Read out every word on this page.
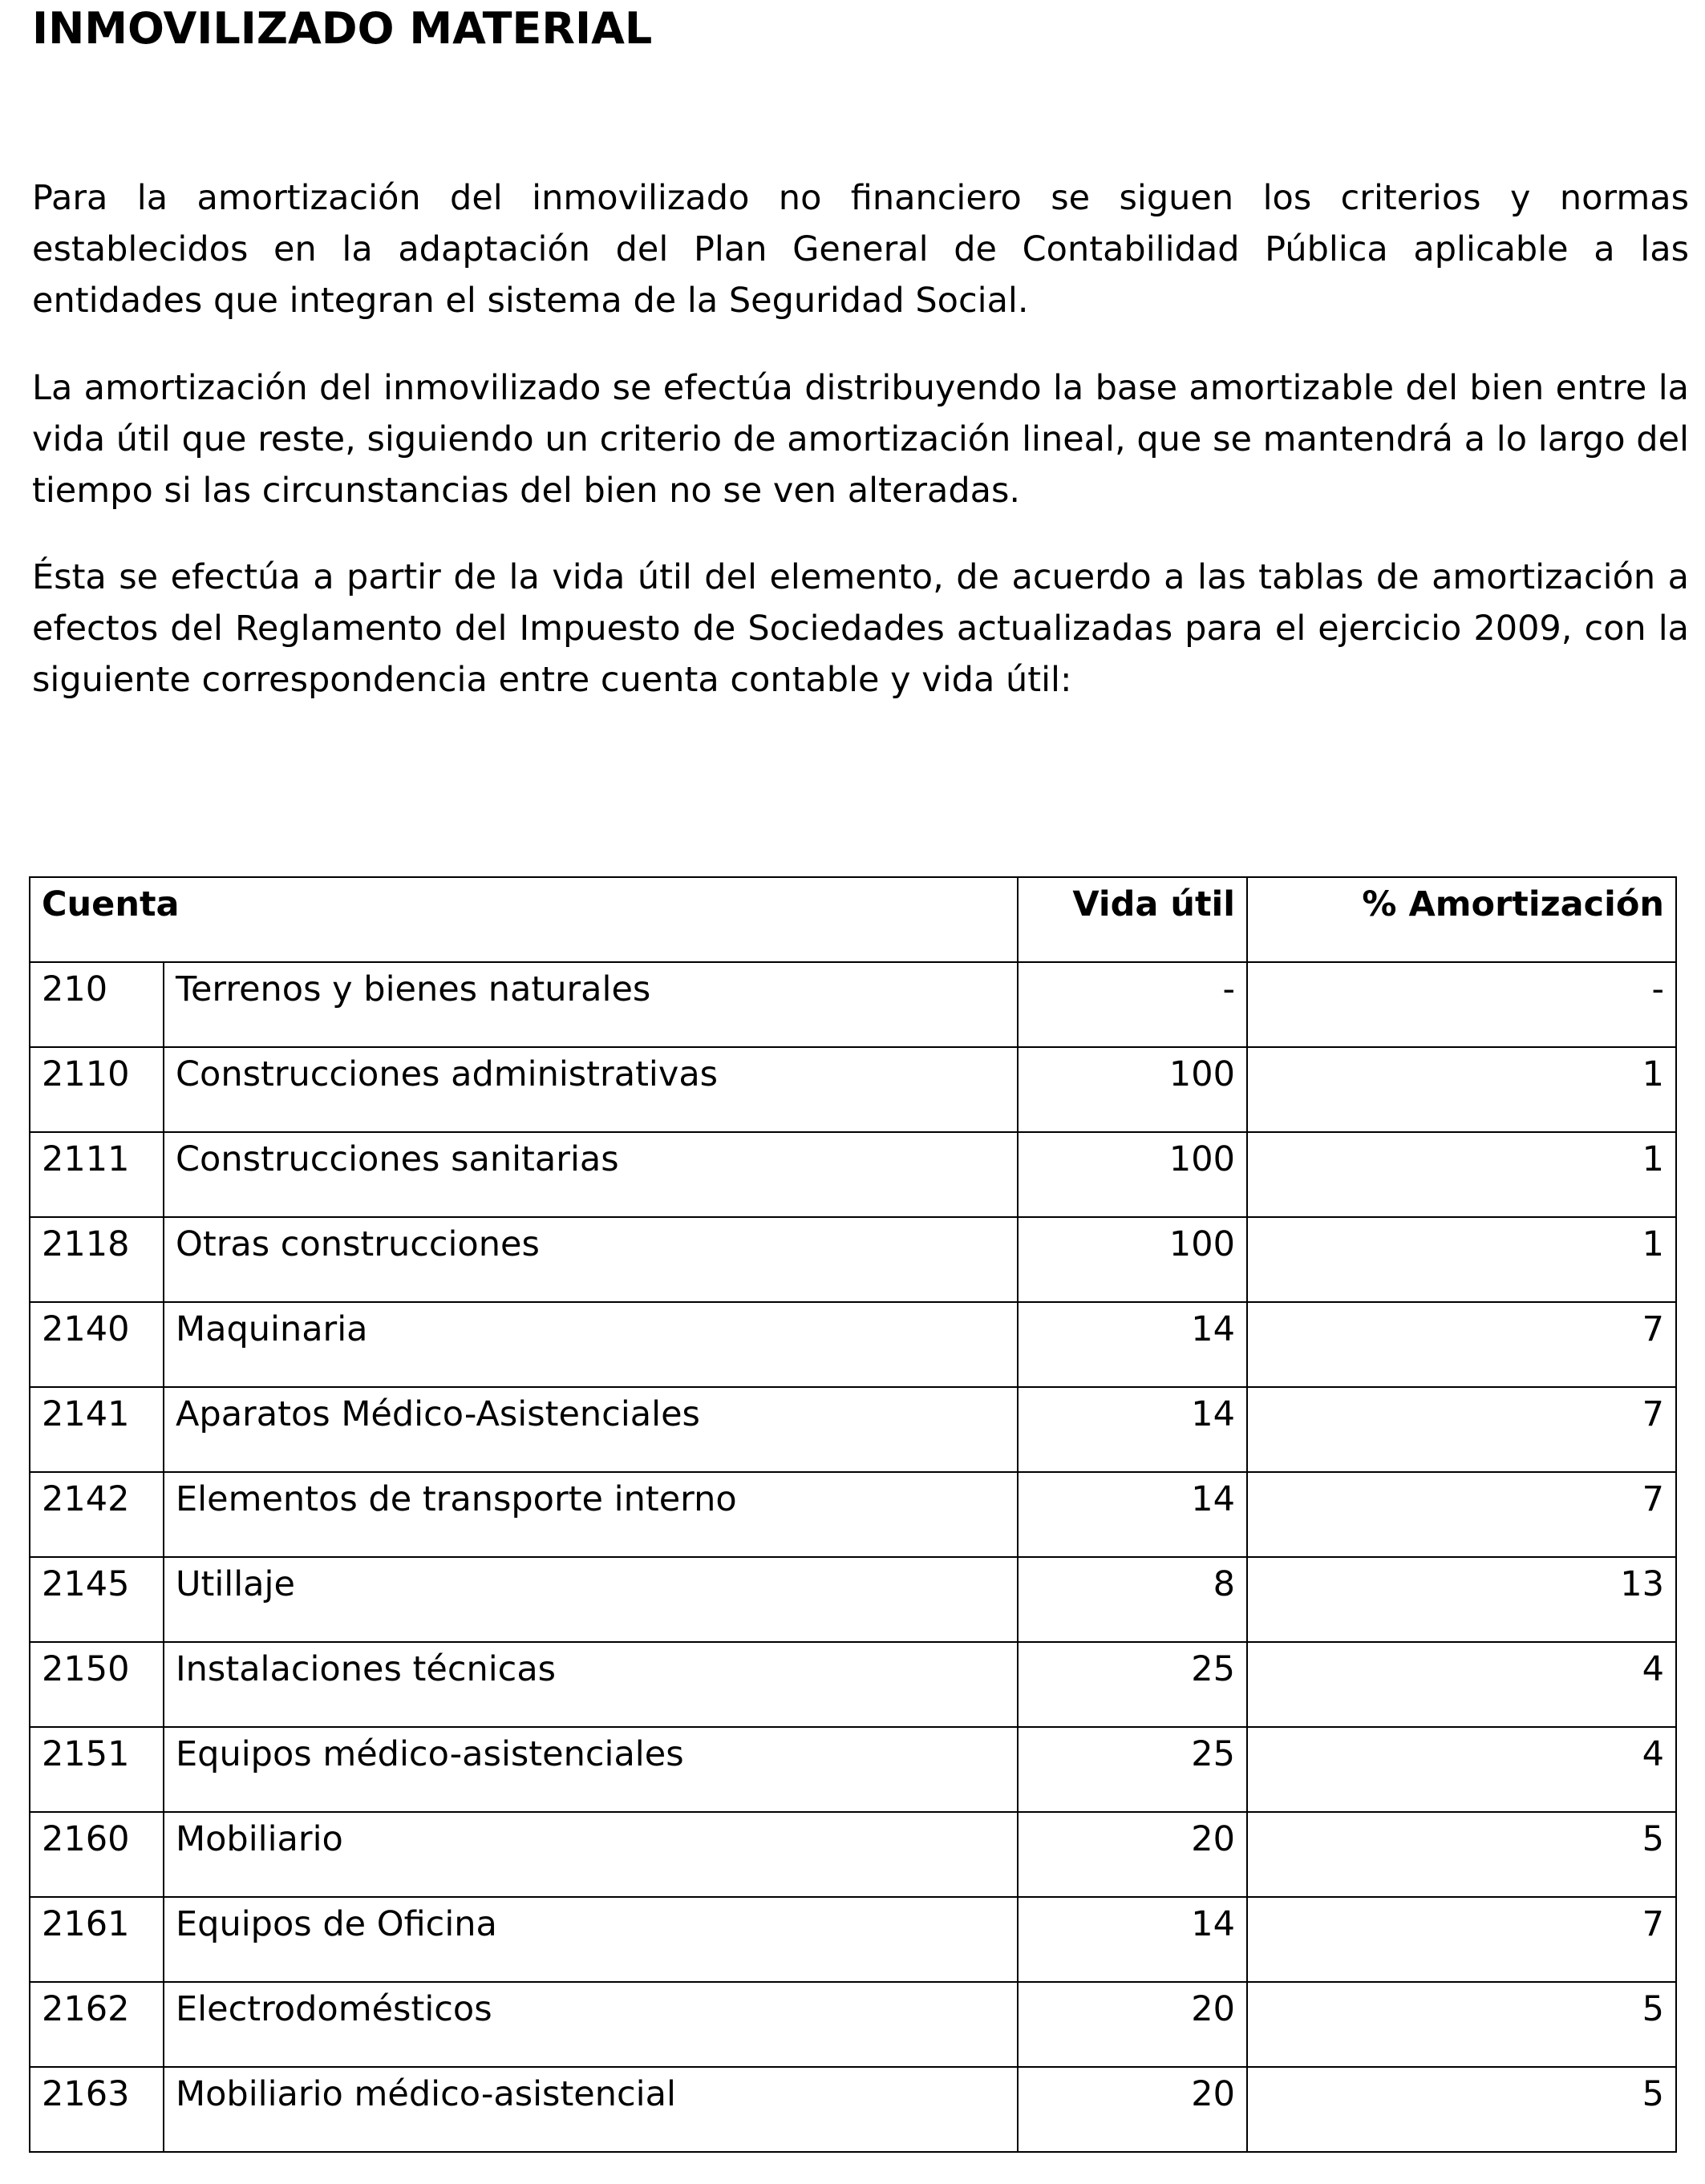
INMOVILIZADO MATERIAL

Para la amortización del inmovilizado no financiero se siguen los criterios y normas establecidos en la adaptación del Plan General de Contabilidad Pública aplicable a las entidades que integran el sistema de la Seguridad Social.

La amortización del inmovilizado se efectúa distribuyendo la base amortizable del bien entre la vida útil que reste, siguiendo un criterio de amortización lineal, que se mantendrá a lo largo del tiempo si las circunstancias del bien no se ven alteradas.

Ésta se efectúa a partir de la vida útil del elemento, de acuerdo a las tablas de amortización a efectos del Reglamento del Impuesto de Sociedades actualizadas para el ejercicio 2009, con la siguiente correspondencia entre cuenta contable y vida útil:

Cuenta		Vida útil	% Amortización
210	Terrenos y bienes naturales	-	-
2110	Construcciones administrativas	100	1
2111	Construcciones sanitarias	100	1
2118	Otras construcciones	100	1
2140	Maquinaria	14	7
2141	Aparatos Médico-Asistenciales	14	7
2142	Elementos de transporte interno	14	7
2145	Utillaje	8	13
2150	Instalaciones técnicas	25	4
2151	Equipos médico-asistenciales	25	4
2160	Mobiliario	20	5
2161	Equipos de Oficina	14	7
2162	Electrodomésticos	20	5
2163	Mobiliario médico-asistencial	20	5
